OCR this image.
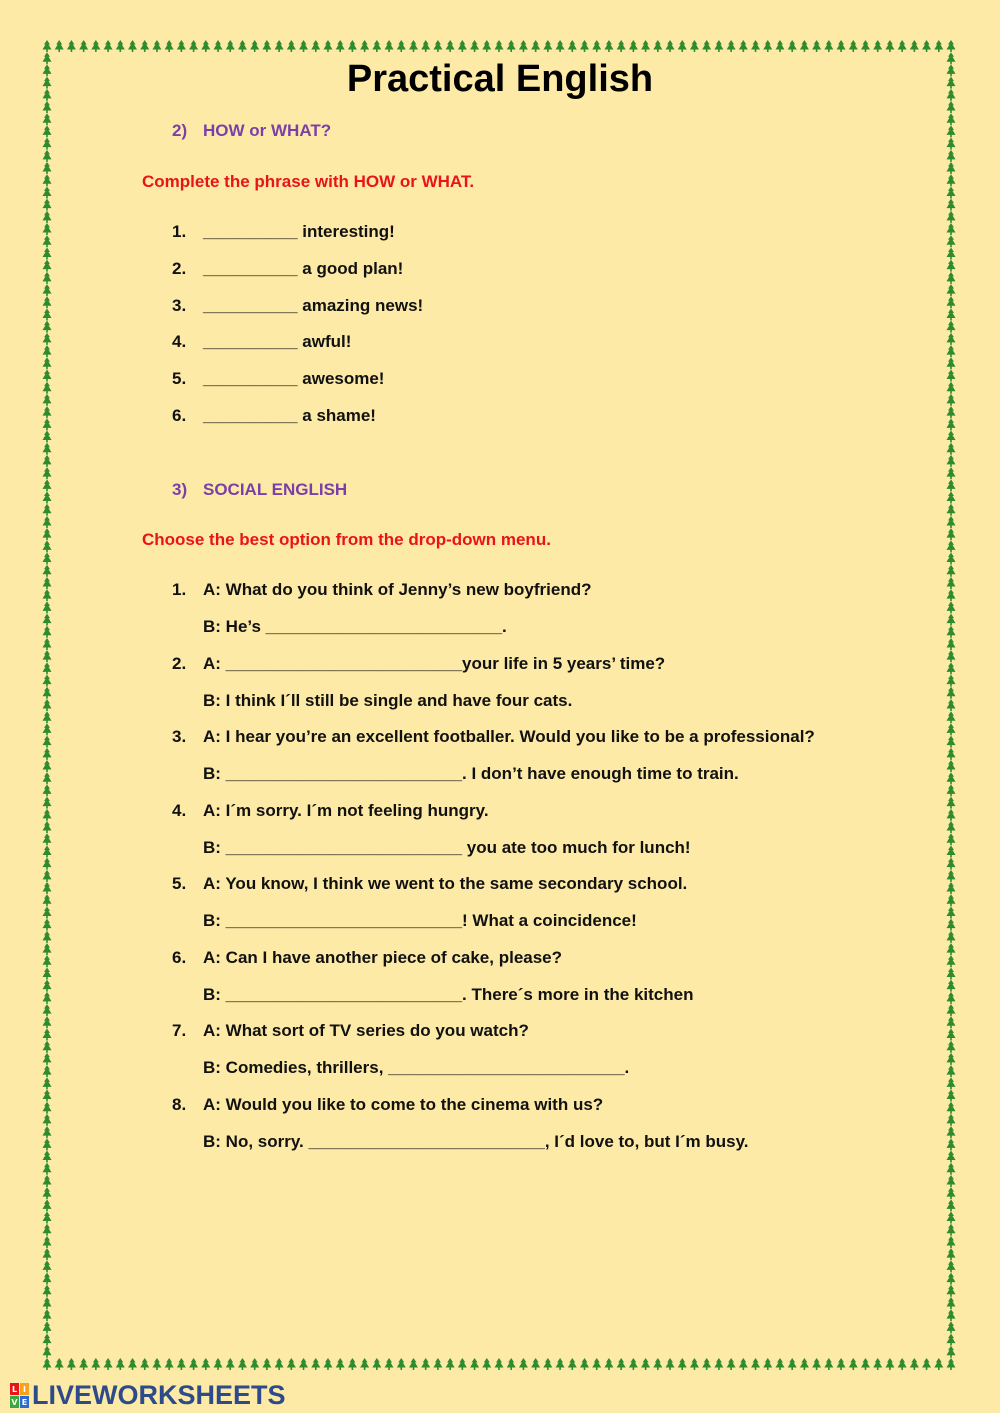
Practical English
2) HOW or WHAT?
Complete the phrase with HOW or WHAT.
1. __________ interesting!
2. __________ a good plan!
3. __________ amazing news!
4. __________ awful!
5. __________ awesome!
6. __________ a shame!
3) SOCIAL ENGLISH
Choose the best option from the drop-down menu.
1. A: What do you think of Jenny’s new boyfriend?
B: He’s _________________________.
2. A: _________________________your life in 5 years’ time?
B: I think I´ll still be single and have four cats.
3. A: I hear you’re an excellent footballer. Would you like to be a professional?
B: _________________________. I don’t have enough time to train.
4. A: I´m sorry. I´m not feeling hungry.
B: _________________________ you ate too much for lunch!
5. A: You know, I think we went to the same secondary school.
B: _________________________! What a coincidence!
6. A: Can I have another piece of cake, please?
B: _________________________. There´s more in the kitchen
7. A: What sort of TV series do you watch?
B: Comedies, thrillers, _________________________.
8. A: Would you like to come to the cinema with us?
B: No, sorry. _________________________, I´d love to, but I´m busy.
L I
V E LIVEWORKSHEETS
